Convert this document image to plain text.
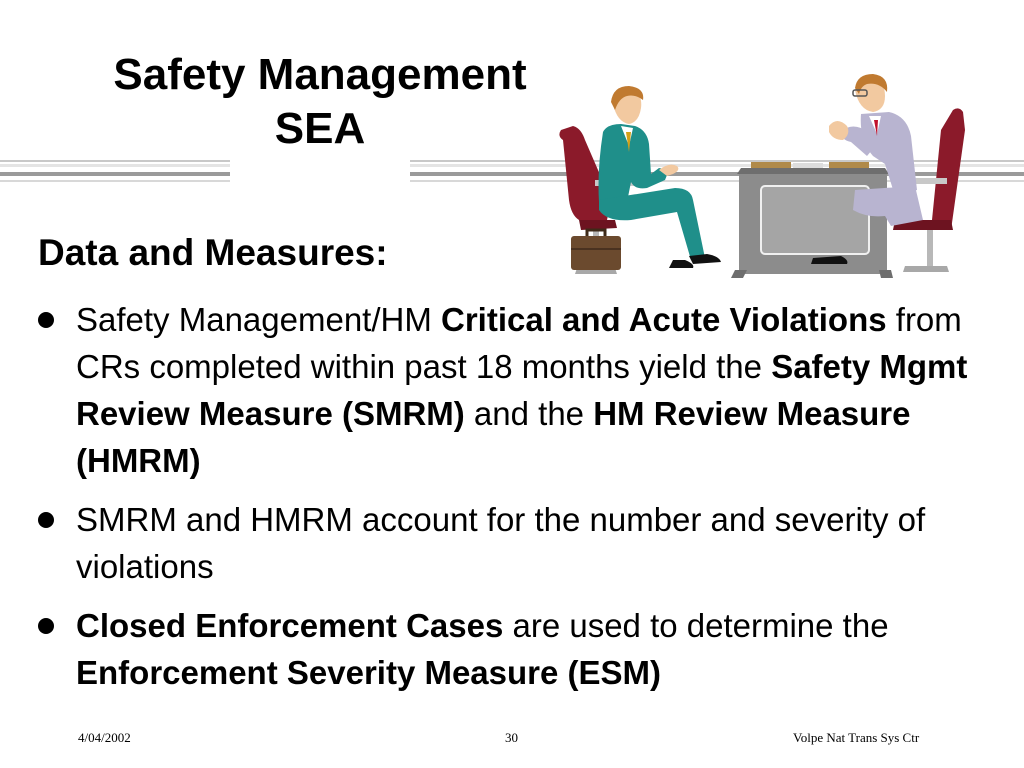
Safety Management
SEA
Data and Measures:
Safety Management/HM Critical and Acute Violations from CRs completed within past 18 months yield the Safety Mgmt Review Measure (SMRM) and the HM Review Measure (HMRM)
SMRM and HMRM account for the number and severity of violations
Closed Enforcement Cases are used to determine the Enforcement Severity Measure (ESM)
4/04/2002	30	Volpe Nat Trans Sys Ctr
